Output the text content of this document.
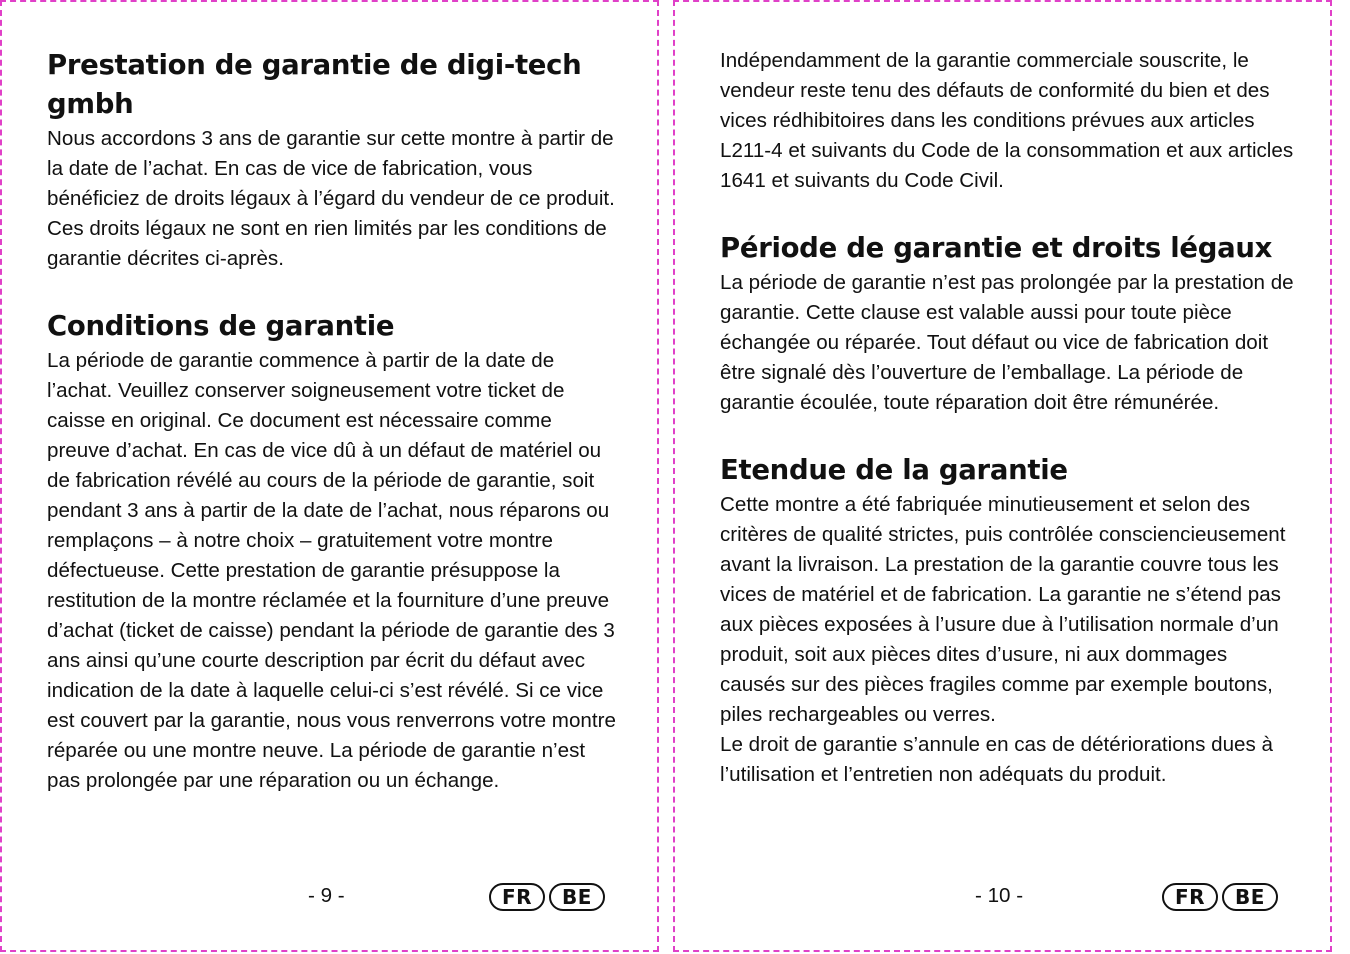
Prestation de garantie de digi-tech gmbh

Nous accordons 3 ans de garantie sur cette montre à partir de la date de l’achat. En cas de vice de fabrication, vous bénéficiez de droits légaux à l’égard du vendeur de ce produit. Ces droits légaux ne sont en rien limités par les conditions de garantie décrites ci-après.

Conditions de garantie

La période de garantie commence à partir de la date de l’achat. Veuillez conserver soigneusement votre ticket de caisse en original. Ce document est nécessaire comme preuve d’achat. En cas de vice dû à un défaut de matériel ou de fabrication révélé au cours de la période de garantie, soit pendant 3 ans à partir de la date de l’achat, nous réparons ou remplaçons – à notre choix – gratuitement votre montre défectueuse. Cette prestation de garantie présuppose la restitution de la montre réclamée et la fourniture d’une preuve d’achat (ticket de caisse) pendant la période de garantie des 3 ans ainsi qu’une courte description par écrit du défaut avec indication de la date à laquelle celui-ci s’est révélé. Si ce vice est couvert par la garantie, nous vous renverrons votre montre réparée ou une montre neuve. La période de garantie n’est pas prolongée par une réparation ou un échange.

- 9 -	FR	BE

Indépendamment de la garantie commerciale souscrite, le vendeur reste tenu des défauts de conformité du bien et des vices rédhibitoires dans les conditions prévues aux articles L211-4 et suivants du Code de la consommation et aux articles 1641 et suivants du Code Civil.

Période de garantie et droits légaux

La période de garantie n’est pas prolongée par la prestation de garantie. Cette clause est valable aussi pour toute pièce échangée ou réparée. Tout défaut ou vice de fabrication doit être signalé dès l’ouverture de l’emballage. La période de garantie écoulée, toute réparation doit être rémunérée.

Etendue de la garantie

Cette montre a été fabriquée minutieusement et selon des critères de qualité strictes, puis contrôlée consciencieusement avant la livraison. La prestation de la garantie couvre tous les vices de matériel et de fabrication. La garantie ne s’étend pas aux pièces exposées à l’usure due à l’utilisation normale d’un produit, soit aux pièces dites d’usure, ni aux dommages causés sur des pièces fragiles comme par exemple boutons, piles rechargeables ou verres.

Le droit de garantie s’annule en cas de détériorations dues à l’utilisation et l’entretien non adéquats du produit.

- 10 -	FR	BE
